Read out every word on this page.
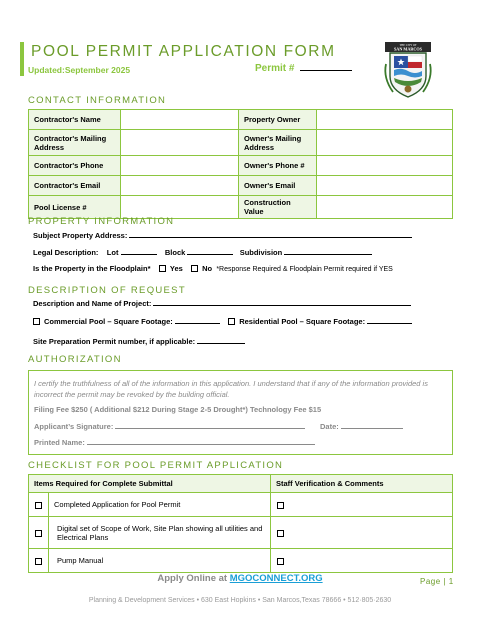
POOL PERMIT APPLICATION FORM
Updated:September 2025	Permit #
THE CITY OF
SAN MARCOS
CONTACT INFORMATION
Contractor's Name		Property Owner	
Contractor's Mailing Address		Owner's Mailing Address	
Contractor's Phone		Owner's Phone #	
Contractor's Email		Owner's Email	
Pool License #		Construction Value	
PROPERTY INFORMATION
Subject Property Address:
Legal Description: Lot	Block	Subdivision
Is the Property in the Floodplain*	Yes	No *Response Required & Floodplain Permit required if YES
DESCRIPTION OF REQUEST
Description and Name of Project:
Commercial Pool – Square Footage:	Residential Pool – Square Footage:
Site Preparation Permit number, if applicable:
AUTHORIZATION
I certify the truthfulness of all of the information in this application. I understand that if any of the information provided is incorrect the permit may be revoked by the building official.
Filing Fee $250 ( Additional $212 During Stage 2-5 Drought*) Technology Fee $15
Applicant’s Signature:	Date:
Printed Name:
CHECKLIST FOR POOL PERMIT APPLICATION
Items Required for Complete Submittal		Staff Verification & Comments	
	Completed Application for Pool Permit		
	Digital set of Scope of Work, Site Plan showing all utilities and Electrical Plans		
	Pump Manual		
Apply Online at MGOCONNECT.ORG	Page | 1
Planning & Development Services • 630 East Hopkins • San Marcos,Texas 78666 • 512·805·2630
